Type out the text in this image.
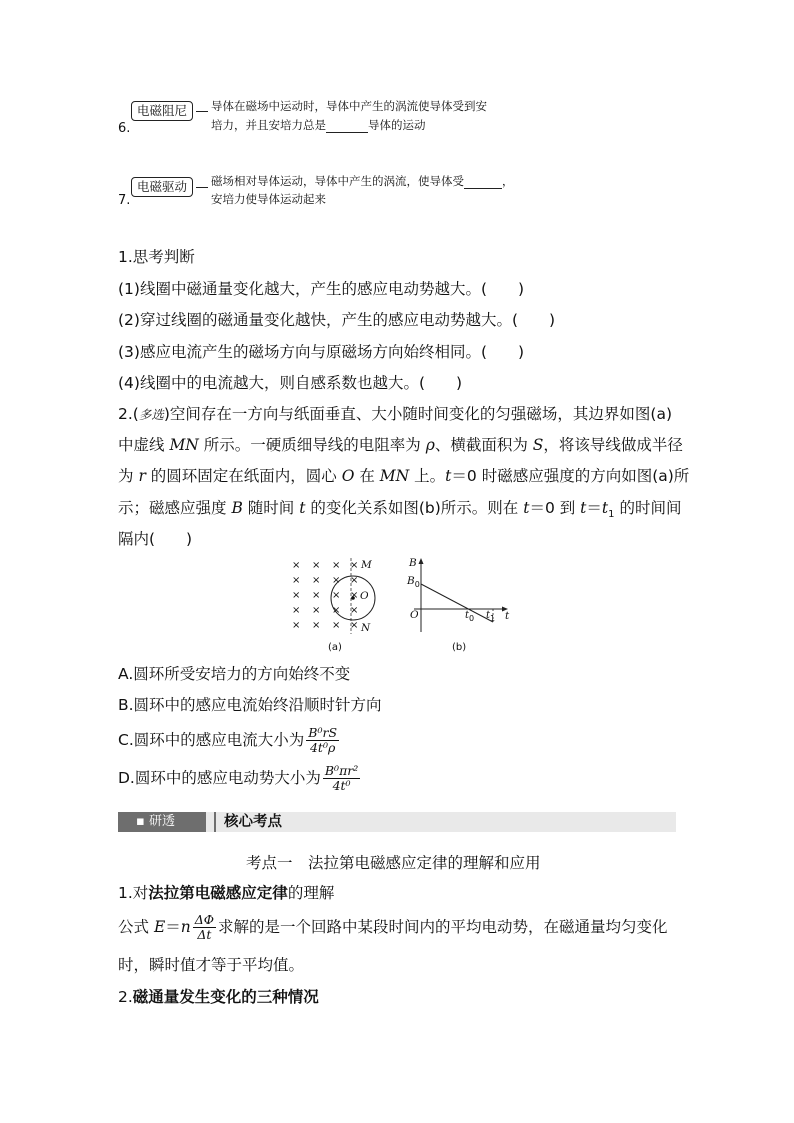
6.
电磁阻尼	导体在磁场中运动时，导体中产生的涡流使导体受到安
培力，并且安培力总是	导体的运动
7.
电磁驱动	磁场相对导体运动，导体中产生的涡流，使导体受	，
安培力使导体运动起来
1.思考判断
(1)线圈中磁通量变化越大，产生的感应电动势越大。(　　)
(2)穿过线圈的磁通量变化越快，产生的感应电动势越大。(　　)
(3)感应电流产生的磁场方向与原磁场方向始终相同。(　　)
(4)线圈中的电流越大，则自感系数也越大。(　　)
2.(多选)空间存在一方向与纸面垂直、大小随时间变化的匀强磁场，其边界如图(a)
中虚线 MN 所示。一硬质细导线的电阻率为 ρ、横截面积为 S，将该导线做成半径
为 r 的圆环固定在纸面内，圆心 O 在 MN 上。t＝0 时磁感应强度的方向如图(a)所
示；磁感应强度 B 随时间 t 的变化关系如图(b)所示。则在 t＝0 到 $t=t_1$ 的时间间
隔内(　　)
× × × ×
× × × ×
× × × ×
× × × ×
× × × ×
M
O
N
(a)
B
$B_0$
O	$t_0$ $t_1$ t
(b)
A.圆环所受安培力的方向始终不变
B.圆环中的感应电流始终沿顺时针方向
C.圆环中的感应电流大小为 $\frac{\text{B⁰rS}}{\text{4t⁰ρ}}$
D.圆环中的感应电动势大小为 $\frac{\text{B⁰πr²}}{\text{4t⁰}}$
▪ 研透	核心考点
考点一　法拉第电磁感应定律的理解和应用
1.对法拉第电磁感应定律的理解
公式 $E=n \frac{\Delta\Phi}{\Delta t}$ 求解的是一个回路中某段时间内的平均电动势，在磁通量均匀变化
时，瞬时值才等于平均值。
2.磁通量发生变化的三种情况
